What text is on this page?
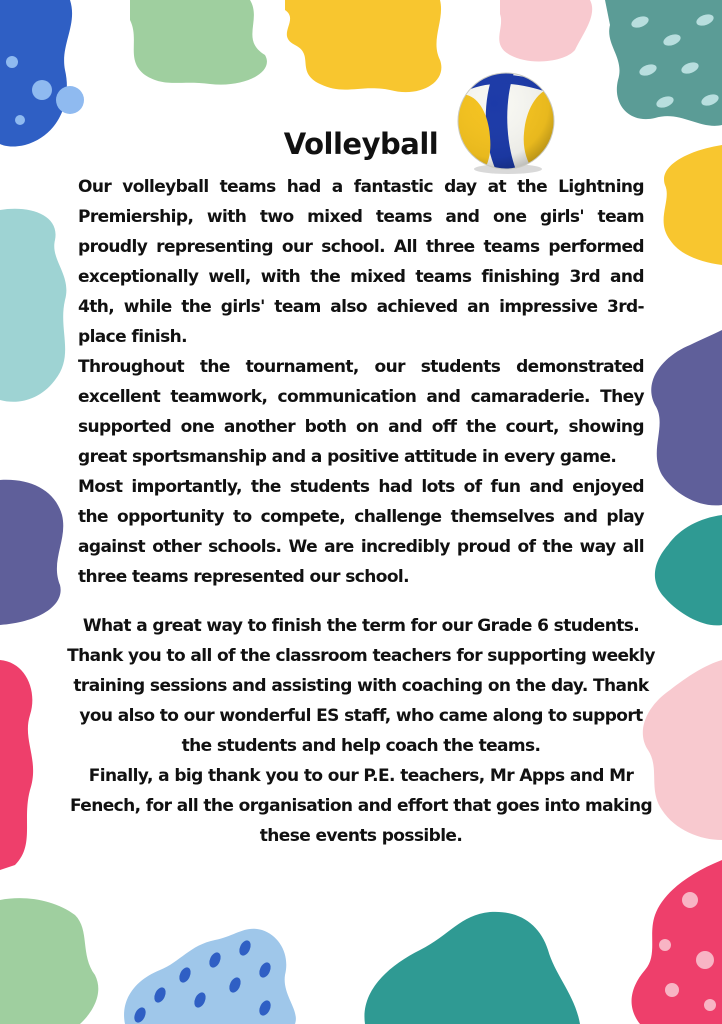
Volleyball

Our volleyball teams had a fantastic day at the Lightning Premiership, with two mixed teams and one girls' team proudly representing our school. All three teams performed exceptionally well, with the mixed teams finishing 3rd and 4th, while the girls' team also achieved an impressive 3rd-place finish.

Throughout the tournament, our students demonstrated excellent teamwork, communication and camaraderie. They supported one another both on and off the court, showing great sportsmanship and a positive attitude in every game.

Most importantly, the students had lots of fun and enjoyed the opportunity to compete, challenge themselves and play against other schools. We are incredibly proud of the way all three teams represented our school.

What a great way to finish the term for our Grade 6 students. Thank you to all of the classroom teachers for supporting weekly training sessions and assisting with coaching on the day. Thank you also to our wonderful ES staff, who came along to support the students and help coach the teams.

Finally, a big thank you to our P.E. teachers, Mr Apps and Mr Fenech, for all the organisation and effort that goes into making these events possible.
